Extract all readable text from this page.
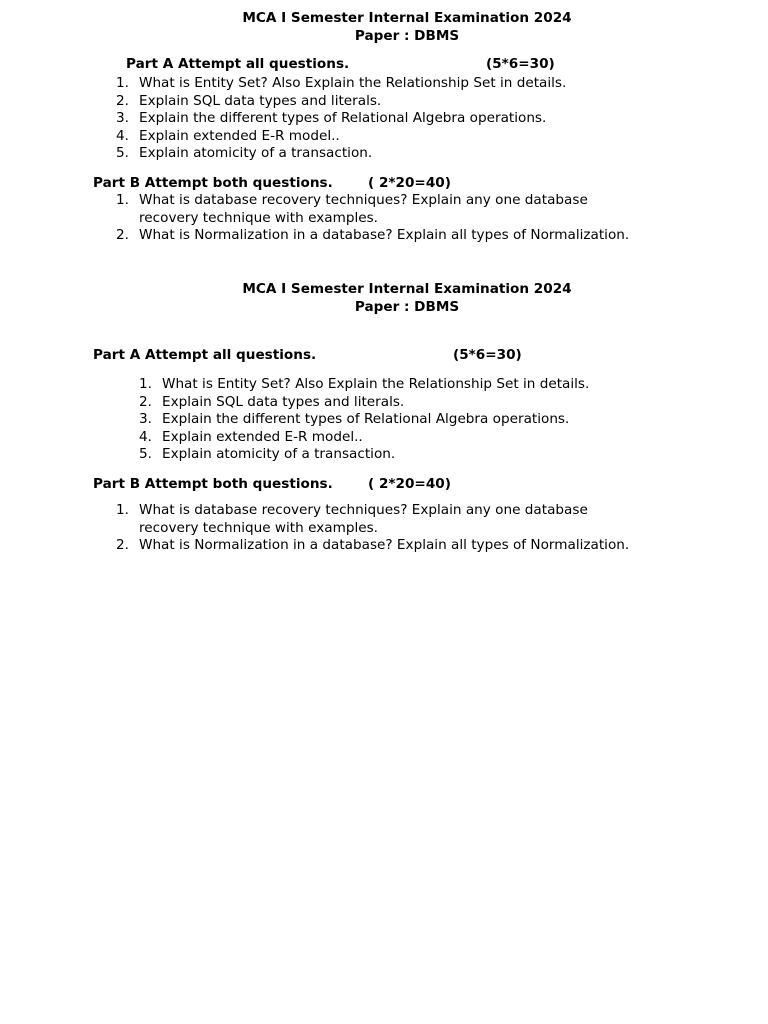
MCA I Semester Internal Examination 2024
Paper : DBMS
Part A Attempt all questions.	(5*6=30)
1. What is Entity Set? Also Explain the Relationship Set in details.
2. Explain SQL data types and literals.
3. Explain the different types of Relational Algebra operations.
4. Explain extended E-R model..
5. Explain atomicity of a transaction.
Part B Attempt both questions.	( 2*20=40)
1. What is database recovery techniques? Explain any one database recovery technique with examples.
2. What is Normalization in a database? Explain all types of Normalization.
MCA I Semester Internal Examination 2024
Paper : DBMS
Part A Attempt all questions.	(5*6=30)
1. What is Entity Set? Also Explain the Relationship Set in details.
2. Explain SQL data types and literals.
3. Explain the different types of Relational Algebra operations.
4. Explain extended E-R model..
5. Explain atomicity of a transaction.
Part B Attempt both questions.	( 2*20=40)
1. What is database recovery techniques? Explain any one database recovery technique with examples.
2. What is Normalization in a database? Explain all types of Normalization.
